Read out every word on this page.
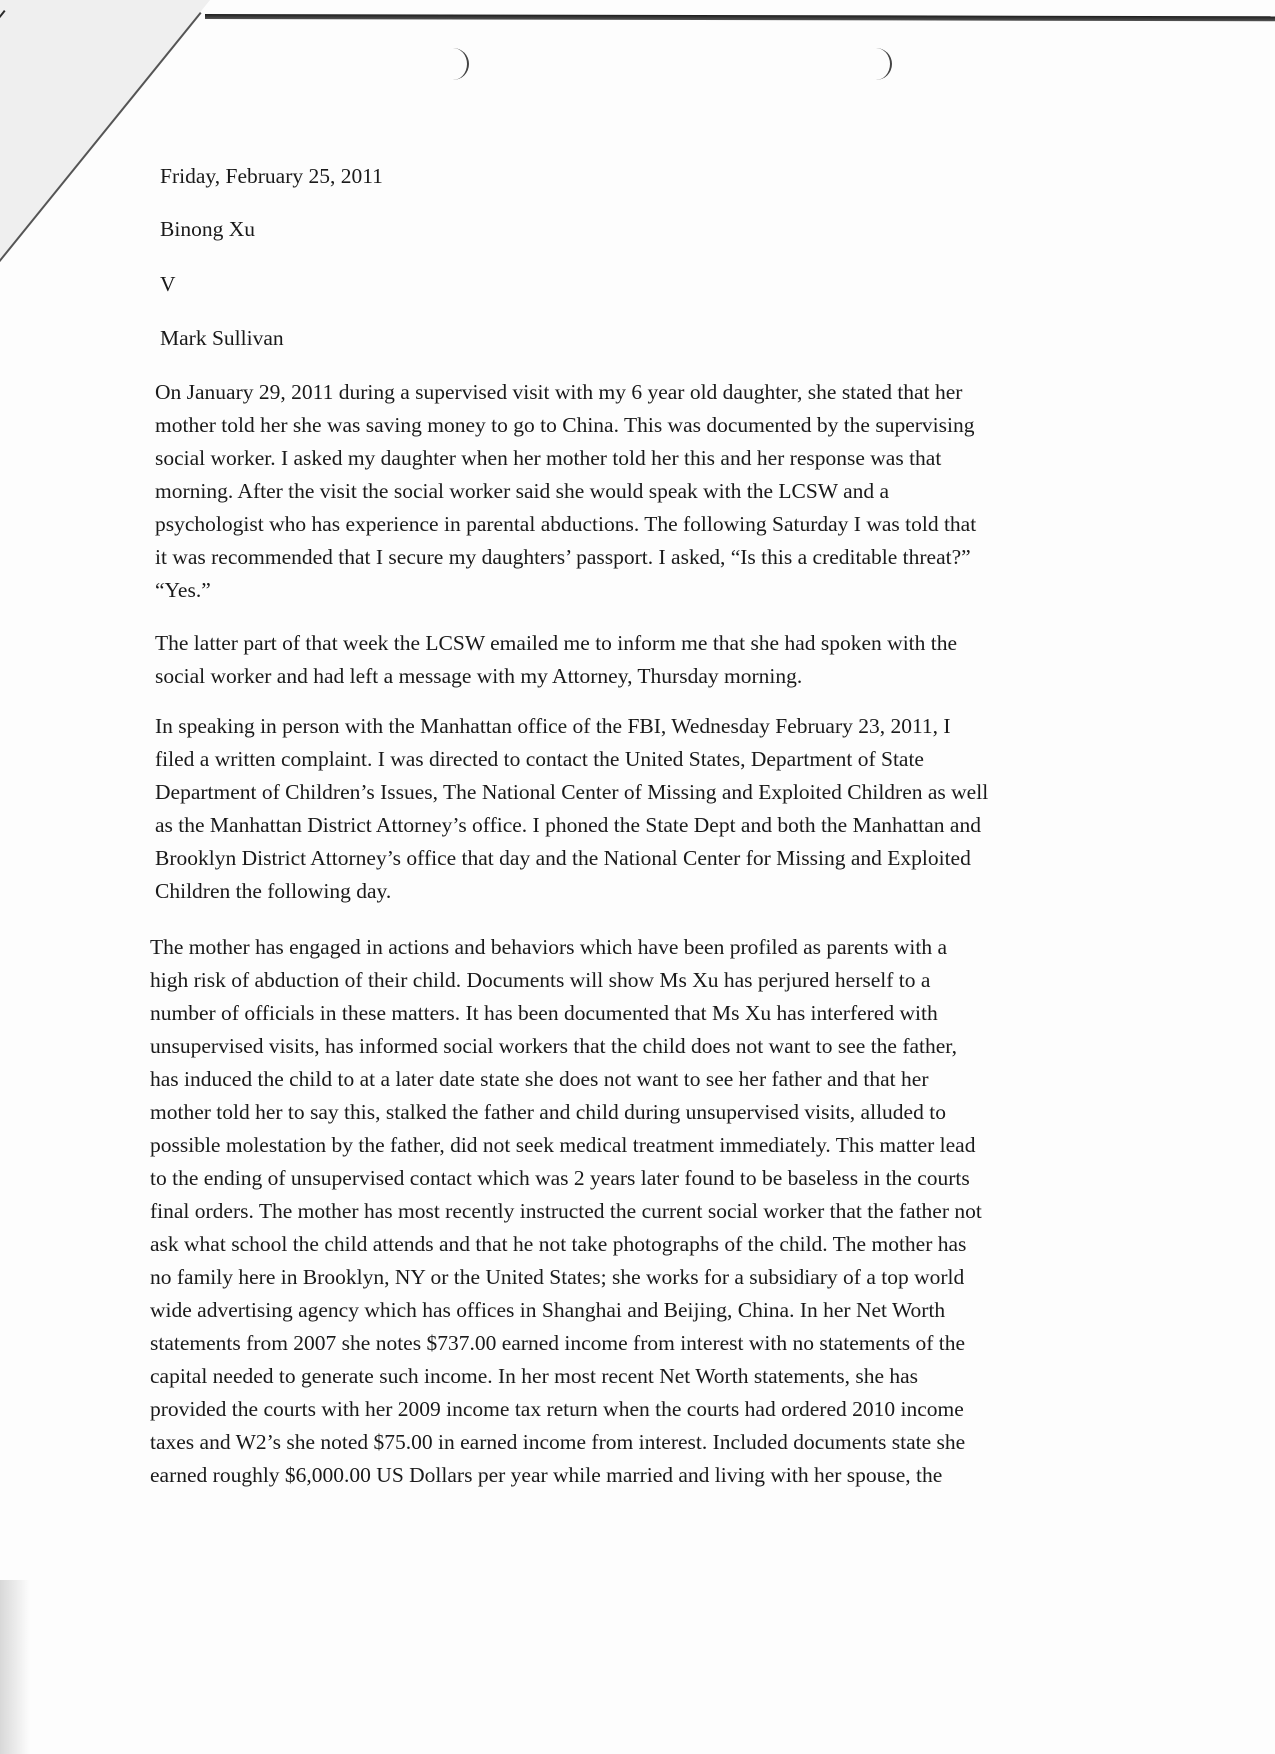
Friday, February 25, 2011
Binong Xu
V
Mark Sullivan
On January 29, 2011 during a supervised visit with my 6 year old daughter, she stated that her
mother told her she was saving money to go to China. This was documented by the supervising
social worker. I asked my daughter when her mother told her this and her response was that
morning. After the visit the social worker said she would speak with the LCSW and a
psychologist who has experience in parental abductions. The following Saturday I was told that
it was recommended that I secure my daughters’ passport. I asked, “Is this a creditable threat?”
“Yes.”
The latter part of that week the LCSW emailed me to inform me that she had spoken with the
social worker and had left a message with my Attorney, Thursday morning.
In speaking in person with the Manhattan office of the FBI, Wednesday February 23, 2011, I
filed a written complaint. I was directed to contact the United States, Department of State
Department of Children’s Issues, The National Center of Missing and Exploited Children as well
as the Manhattan District Attorney’s office. I phoned the State Dept and both the Manhattan and
Brooklyn District Attorney’s office that day and the National Center for Missing and Exploited
Children the following day.
The mother has engaged in actions and behaviors which have been profiled as parents with a
high risk of abduction of their child. Documents will show Ms Xu has perjured herself to a
number of officials in these matters. It has been documented that Ms Xu has interfered with
unsupervised visits, has informed social workers that the child does not want to see the father,
has induced the child to at a later date state she does not want to see her father and that her
mother told her to say this, stalked the father and child during unsupervised visits, alluded to
possible molestation by the father, did not seek medical treatment immediately. This matter lead
to the ending of unsupervised contact which was 2 years later found to be baseless in the courts
final orders. The mother has most recently instructed the current social worker that the father not
ask what school the child attends and that he not take photographs of the child. The mother has
no family here in Brooklyn, NY or the United States; she works for a subsidiary of a top world
wide advertising agency which has offices in Shanghai and Beijing, China. In her Net Worth
statements from 2007 she notes $737.00 earned income from interest with no statements of the
capital needed to generate such income. In her most recent Net Worth statements, she has
provided the courts with her 2009 income tax return when the courts had ordered 2010 income
taxes and W2’s she noted $75.00 in earned income from interest. Included documents state she
earned roughly $6,000.00 US Dollars per year while married and living with her spouse, the
